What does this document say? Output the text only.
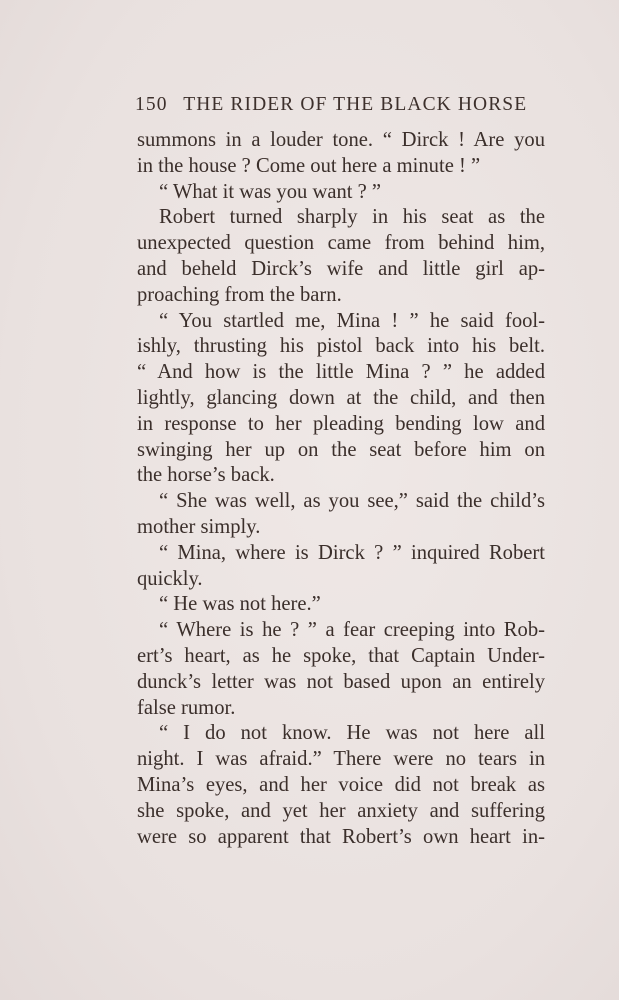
150 THE RIDER OF THE BLACK HORSE
summons in a louder tone. “ Dirck ! Are you
in the house ? Come out here a minute ! ”
“ What it was you want ? ”
Robert turned sharply in his seat as the
unexpected question came from behind him,
and beheld Dirck’s wife and little girl ap-
proaching from the barn.
“ You startled me, Mina ! ” he said fool-
ishly, thrusting his pistol back into his belt.
“ And how is the little Mina ? ” he added
lightly, glancing down at the child, and then
in response to her pleading bending low and
swinging her up on the seat before him on
the horse’s back.
“ She was well, as you see,” said the child’s
mother simply.
“ Mina, where is Dirck ? ” inquired Robert
quickly.
“ He was not here.”
“ Where is he ? ” a fear creeping into Rob-
ert’s heart, as he spoke, that Captain Under-
dunck’s letter was not based upon an entirely
false rumor.
“ I do not know. He was not here all
night. I was afraid.” There were no tears in
Mina’s eyes, and her voice did not break as
she spoke, and yet her anxiety and suffering
were so apparent that Robert’s own heart in-
